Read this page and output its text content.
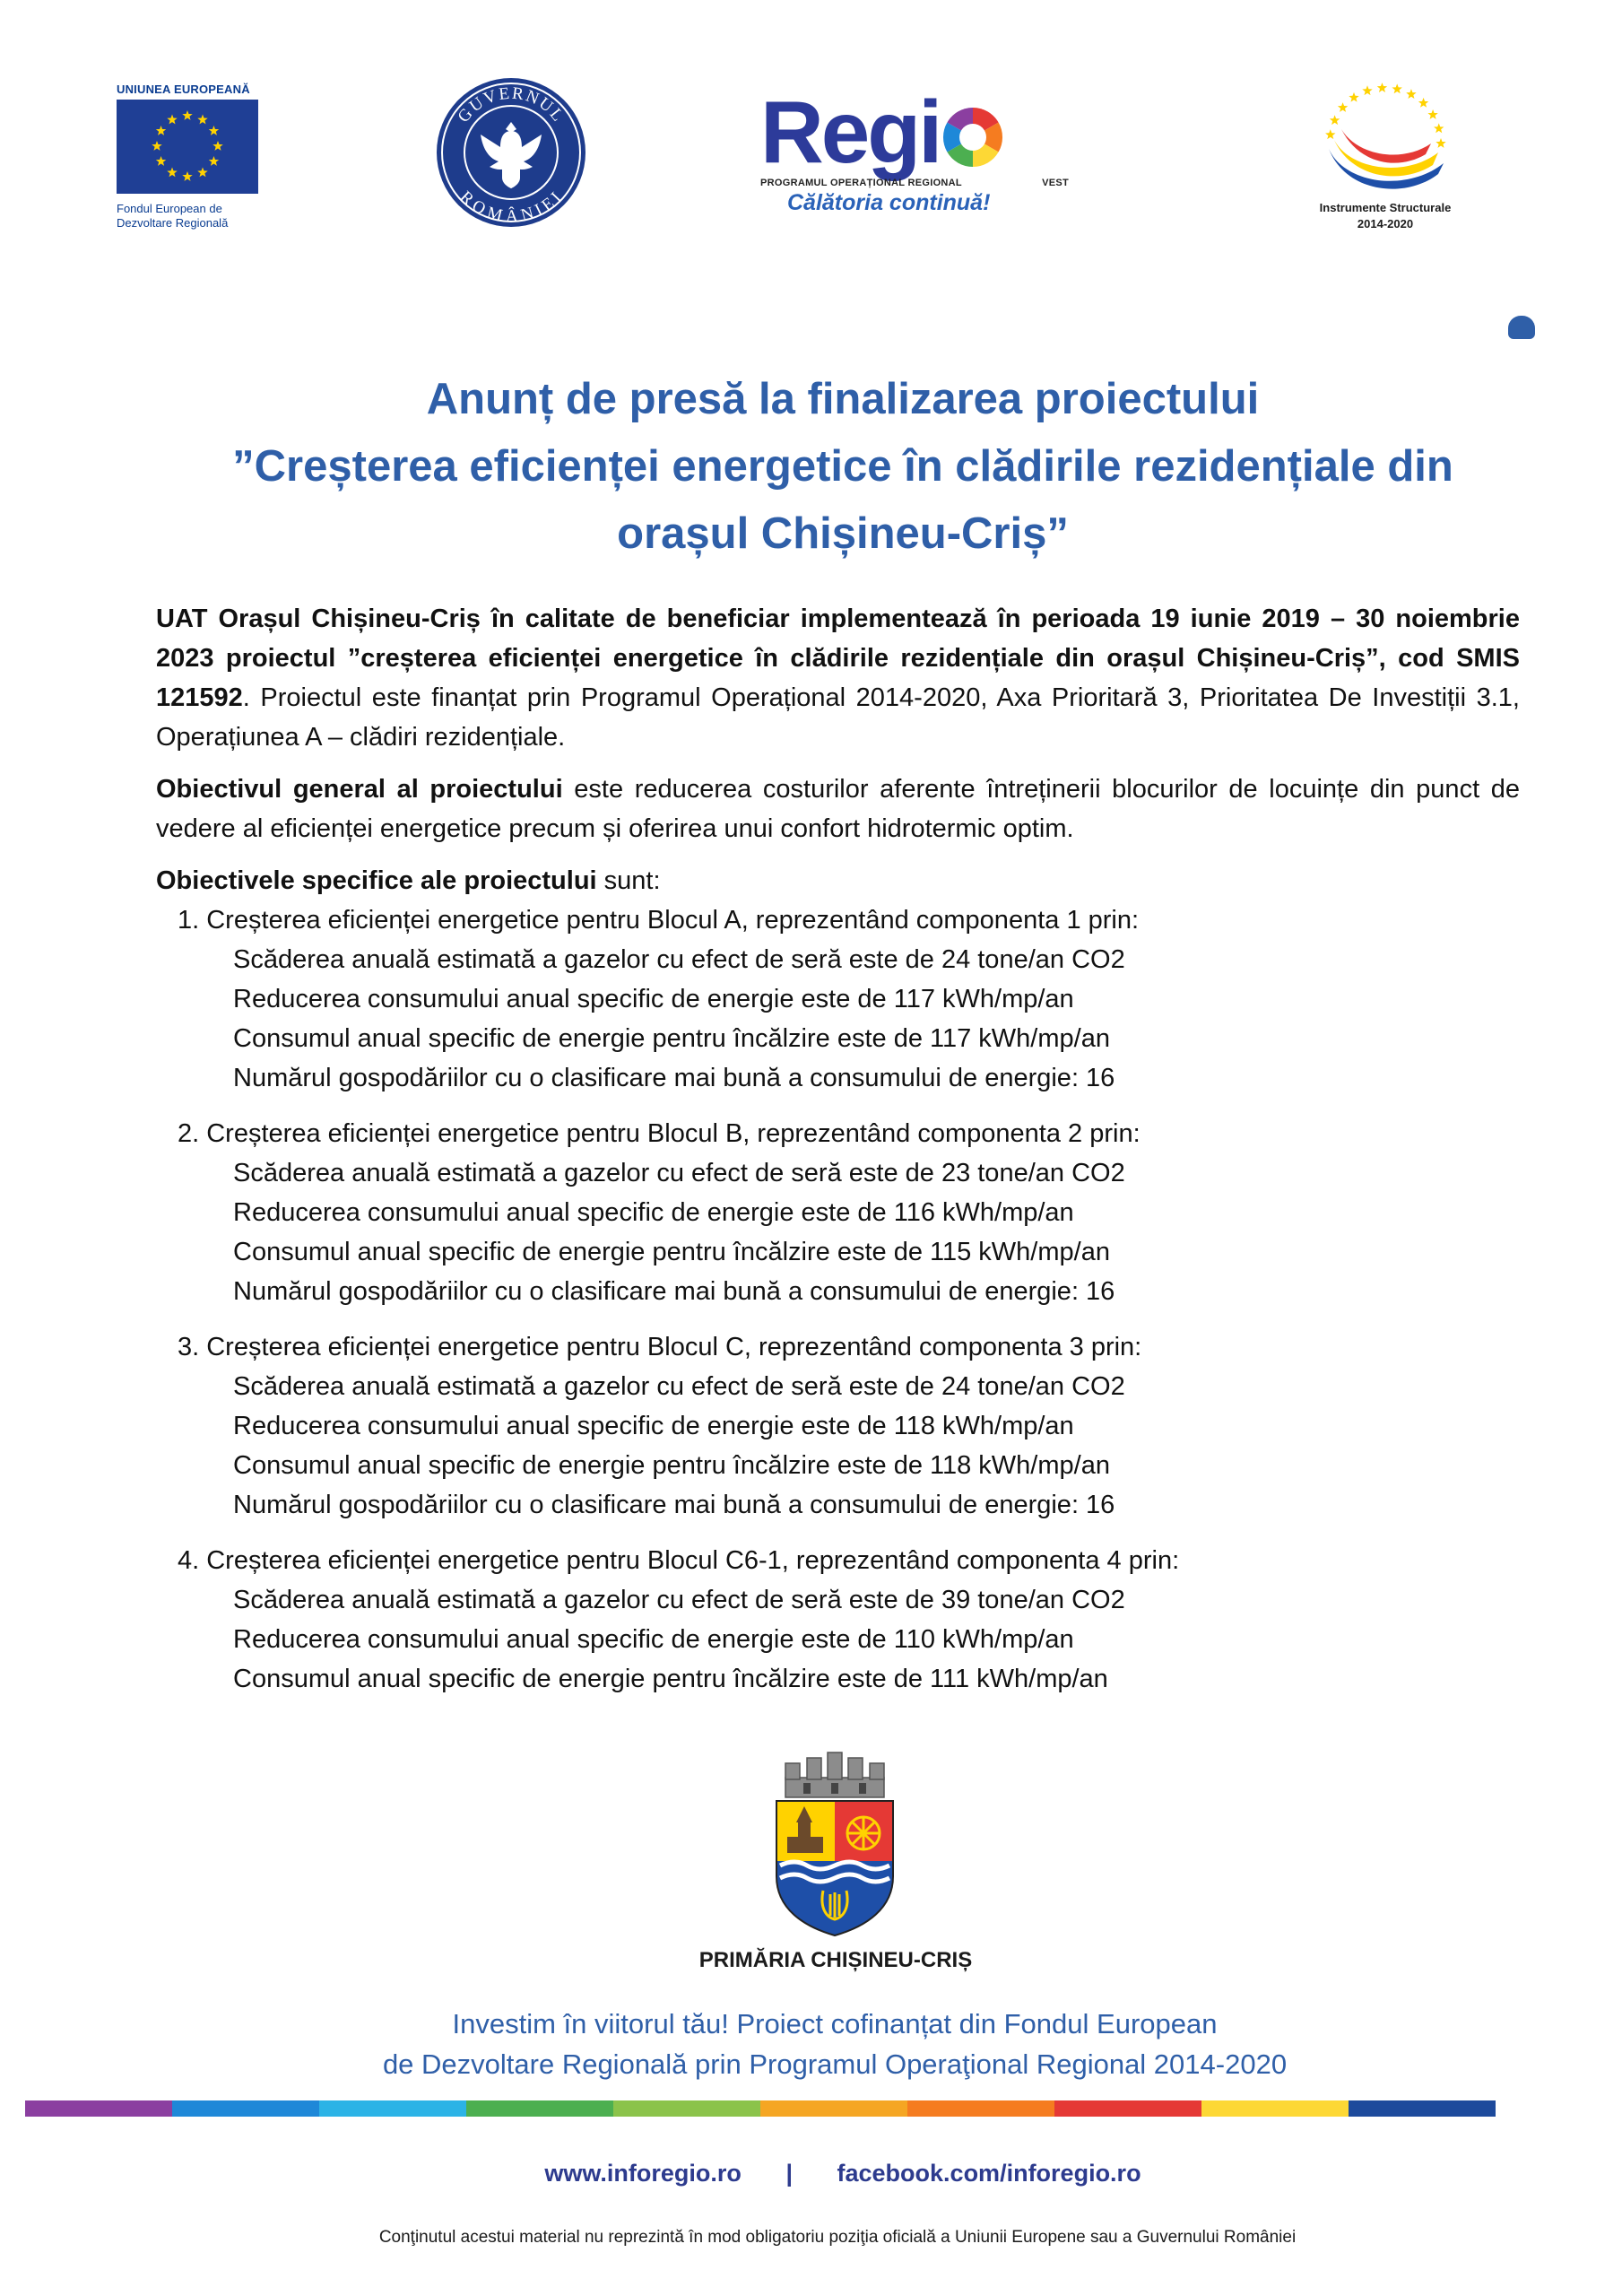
UNIUNEA EUROPEANĂ
Fondul European de
Dezvoltare Regională
GUVERNUL
ROMÂNIEI
Regi
PROGRAMUL OPERAȚIONAL REGIONAL	VEST
Călătoria continuă!	Instrumente Structurale
2014-2020
Anunț de presă la finalizarea proiectului
”Creșterea eficienței energetice în clădirile rezidențiale din
orașul Chișineu-Criș”

UAT Orașul Chișineu-Criș în calitate de beneficiar implementează în perioada 19 iunie 2019 – 30 noiembrie 2023 proiectul ”creșterea eficienței energetice în clădirile rezidențiale din orașul Chișineu-Criș”, cod SMIS 121592. Proiectul este finanțat prin Programul Operațional 2014-2020, Axa Prioritară 3, Prioritatea De Investiții 3.1, Operațiunea A – clădiri rezidențiale.

Obiectivul general al proiectului este reducerea costurilor aferente întreținerii blocurilor de locuințe din punct de vedere al eficienței energetice precum și oferirea unui confort hidrotermic optim.

Obiectivele specifice ale proiectului sunt:
1. Creșterea eficienței energetice pentru Blocul A, reprezentând componenta 1 prin:
Scăderea anuală estimată a gazelor cu efect de seră este de 24 tone/an CO2
Reducerea consumului anual specific de energie este de 117 kWh/mp/an
Consumul anual specific de energie pentru încălzire este de 117 kWh/mp/an
Numărul gospodăriilor cu o clasificare mai bună a consumului de energie: 16
2. Creșterea eficienței energetice pentru Blocul B, reprezentând componenta 2 prin:
Scăderea anuală estimată a gazelor cu efect de seră este de 23 tone/an CO2
Reducerea consumului anual specific de energie este de 116 kWh/mp/an
Consumul anual specific de energie pentru încălzire este de 115 kWh/mp/an
Numărul gospodăriilor cu o clasificare mai bună a consumului de energie: 16
3. Creșterea eficienței energetice pentru Blocul C, reprezentând componenta 3 prin:
Scăderea anuală estimată a gazelor cu efect de seră este de 24 tone/an CO2
Reducerea consumului anual specific de energie este de 118 kWh/mp/an
Consumul anual specific de energie pentru încălzire este de 118 kWh/mp/an
Numărul gospodăriilor cu o clasificare mai bună a consumului de energie: 16
4. Creșterea eficienței energetice pentru Blocul C6-1, reprezentând componenta 4 prin:
Scăderea anuală estimată a gazelor cu efect de seră este de 39 tone/an CO2
Reducerea consumului anual specific de energie este de 110 kWh/mp/an
Consumul anual specific de energie pentru încălzire este de 111 kWh/mp/an
PRIMĂRIA CHIȘINEU-CRIȘ
Investim în viitorul tău! Proiect cofinanțat din Fondul European
de Dezvoltare Regională prin Programul Operaţional Regional 2014-2020
www.inforegio.ro | facebook.com/inforegio.ro
Conţinutul acestui material nu reprezintă în mod obligatoriu poziţia oficială a Uniunii Europene sau a Guvernului României
